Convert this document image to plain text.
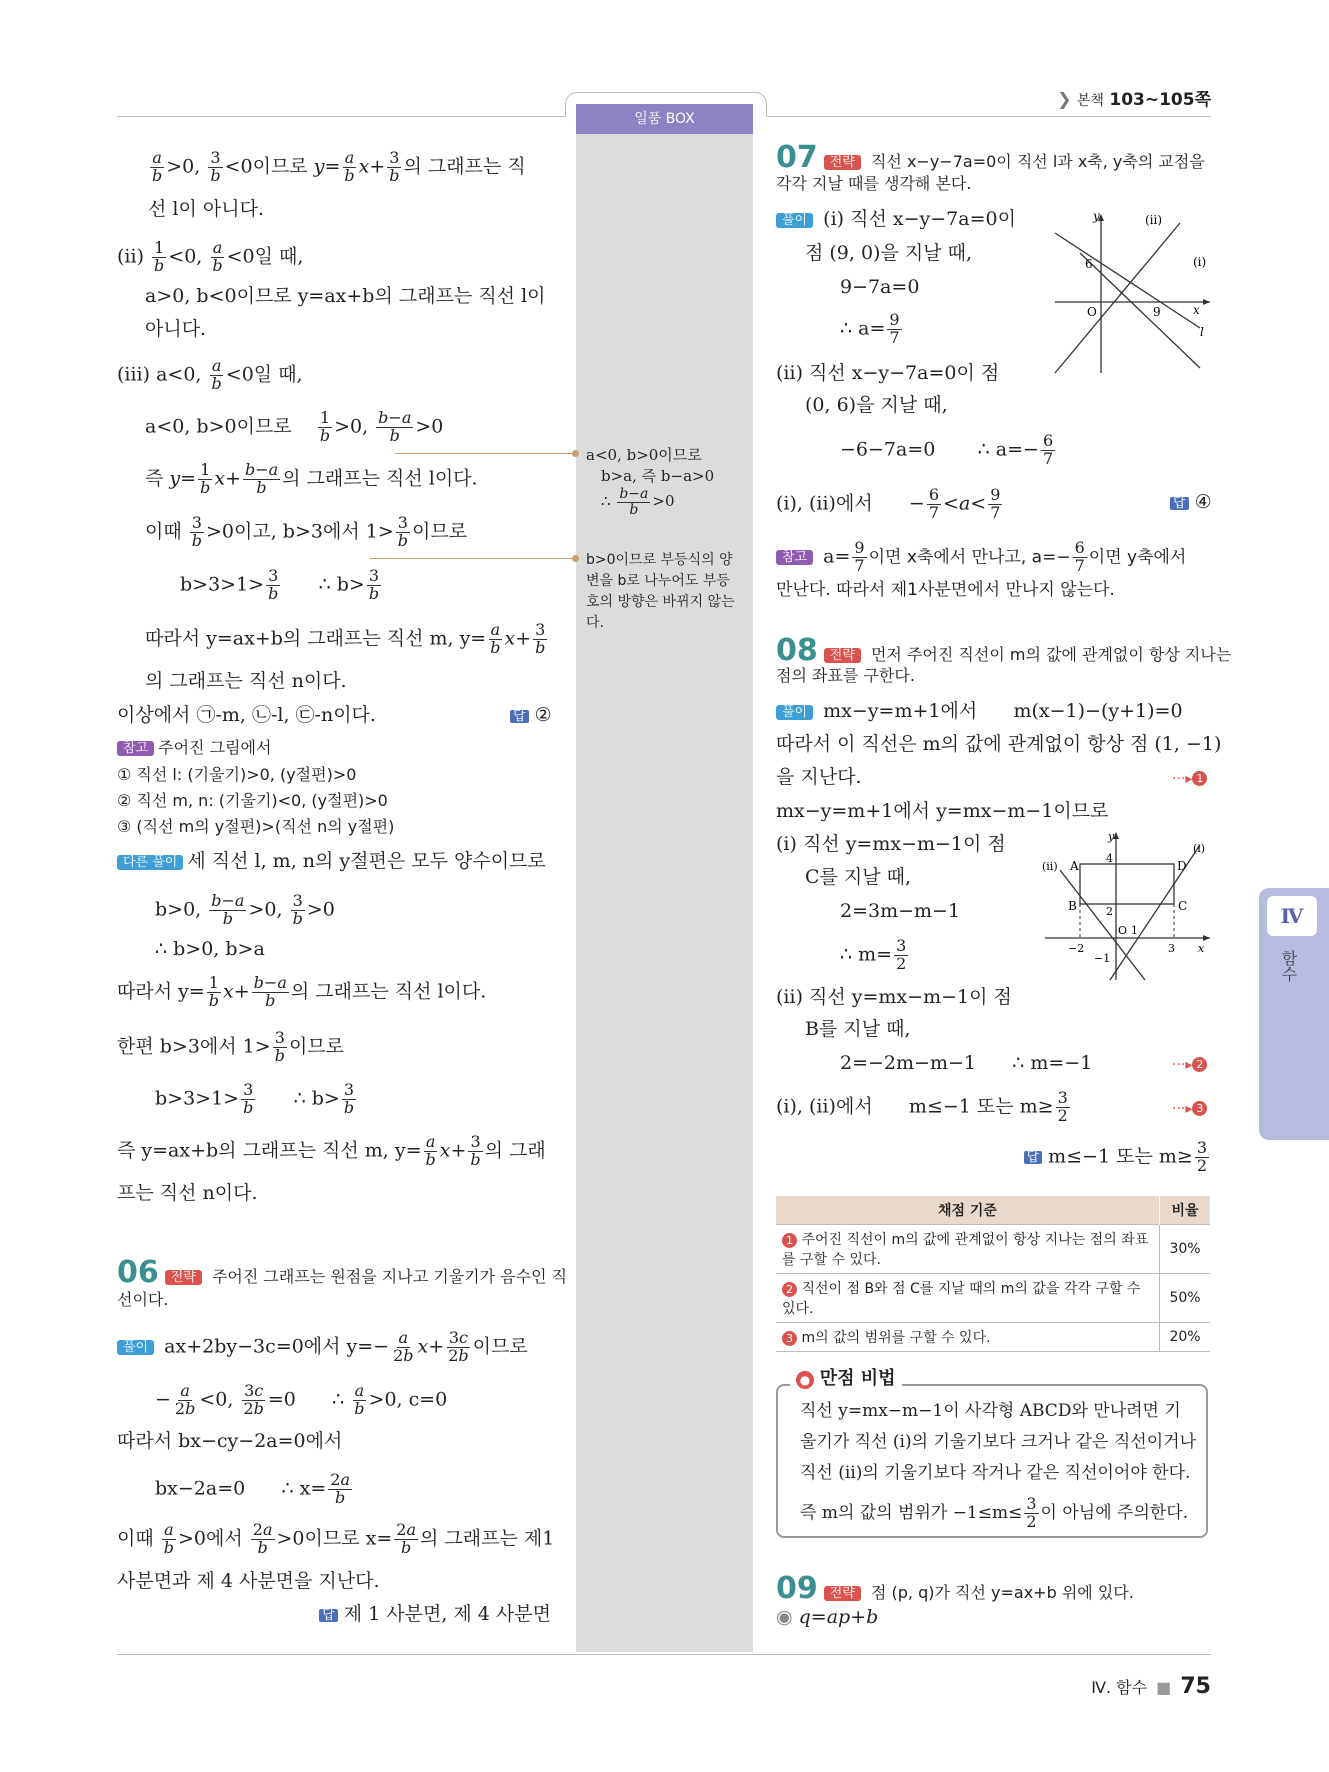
일품 BOX
❯ 본책 103~105쪽
$\frac{a}{b} >0$, $\frac{3}{b} <0$이므로 $y= \frac{a}{b} x+ \frac{3}{b}$ 의 그래프는 직
선 l이 아니다.
(ⅱ) $\frac{1}{b} <0$, $\frac{a}{b} <0$일 때,
a>0, b<0이므로 y=ax+b의 그래프는 직선 l이
아니다.
(ⅲ) a<0, $\frac{a}{b} <0$일 때,
a<0, b>0이므로 $\frac{1}{b} >0$, $\frac{b-a}{b} >0$
즉 $y= \frac{1}{b} x+ \frac{b-a}{b}$ 의 그래프는 직선 l이다.
이때 $\frac{3}{b} >0$이고, b>3에서 $1> \frac{3}{b}$ 이므로
$b>3>1> \frac{3}{b}$ ∴ $b> \frac{3}{b}$
따라서 y=ax+b의 그래프는 직선 m, $y= \frac{a}{b} x+ \frac{3}{b}$
의 그래프는 직선 n이다.
이상에서 ㉠-m, ㉡-l, ㉢-n이다.	답 ②
참고 주어진 그림에서
① 직선 l: (기울기)>0, (y절편)>0
② 직선 m, n: (기울기)<0, (y절편)>0
③ (직선 m의 y절편)>(직선 n의 y절편)
다른 풀이 세 직선 l, m, n의 y절편은 모두 양수이므로
b>0, $\frac{b-a}{b} >0$, $\frac{3}{b} >0$
∴ b>0, b>a
따라서 $y= \frac{1}{b} x+ \frac{b-a}{b}$ 의 그래프는 직선 l이다.
한편 b>3에서 $1> \frac{3}{b}$ 이므로
$b>3>1> \frac{3}{b}$ ∴ $b> \frac{3}{b}$
즉 y=ax+b의 그래프는 직선 m, $y= \frac{a}{b} x+ \frac{3}{b}$ 의 그래
프는 직선 n이다.
06 전략 주어진 그래프는 원점을 지나고 기울기가 음수인 직
선이다.
풀이 ax+2by−3c=0에서 $y=- \frac{a}{2b} x+ \frac{3c}{2b}$ 이므로
− $\frac{a}{2b} <0$, $\frac{3c}{2b} =0$      ∴ $\frac{a}{b} >0$, c=0
따라서 bx−cy−2a=0에서
bx−2a=0 ∴ $x= \frac{2a}{b}$
이때 $\frac{a}{b} >0$에서 $\frac{2a}{b} >0$이므로 $x= \frac{2a}{b}$ 의 그래프는 제1
사분면과 제 4 사분면을 지난다.
답 제 1 사분면, 제 4 사분면
a<0, b>0이므로
b>a, 즉 b−a>0
∴ $\frac{b-a}{b} >0$
b>0이므로 부등식의 양 변을 b로 나누어도 부등 호의 방향은 바뀌지 않는다.
07 전략 직선 x−y−7a=0이 직선 l과 x축, y축의 교점을
각각 지날 때를 생각해 본다.
풀이 (ⅰ) 직선 x−y−7a=0이
점 (9, 0)을 지날 때,
9−7a=0
∴ $a= \frac{9}{7}$
(ⅱ) 직선 x−y−7a=0이 점
(0, 6)을 지날 때,
−6−7a=0 ∴ $a=- \frac{6}{7}$
(ⅰ), (ⅱ)에서      − $\frac{6}{7} <a< \frac{9}{7}$	답 ④
6
O	9
y
x
l
(ⅱ)
(ⅰ)
참고 $a= \frac{9}{7}$ 이면 x축에서 만나고, $a=- \frac{6}{7}$ 이면 y축에서
만난다. 따라서 제1사분면에서 만나지 않는다.
08 전략 먼저 주어진 직선이 m의 값에 관계없이 항상 지나는
점의 좌표를 구한다.
풀이 mx−y=m+1에서 m(x−1)−(y+1)=0
따라서 이 직선은 m의 값에 관계없이 항상 점 (1, −1)
을 지난다.	···▸ 1
mx−y=m+1에서 y=mx−m−1이므로
(ⅰ) 직선 y=mx−m−1이 점
C를 지날 때,
2=3m−m−1
∴ $m= \frac{3}{2}$
(ⅱ) 직선 y=mx−m−1이 점
B를 지날 때,
2=−2m−m−1 ∴ m=−1	···▸ 2
(ⅰ), (ⅱ)에서 m≤−1 또는 $m\ge \frac{3}{2}$	···▸ 3
답 m≤−1 또는 $m\ge \frac{3}{2}$
A	D
B	C
4
2
O 1
−2	3
−1
y
x
(ⅱ)
(ⅰ)
채점 기준	비율
1 주어진 직선이 m의 값에 관계없이 항상 지나는 점의 좌표를 구할 수 있다.	30%
2 직선이 점 B와 점 C를 지날 때의 m의 값을 각각 구할 수 있다.	50%
3 m의 값의 범위를 구할 수 있다.	20%
● 만점 비법
직선 y=mx−m−1이 사각형 ABCD와 만나려면 기
울기가 직선 (ⅰ)의 기울기보다 크거나 같은 직선이거나
직선 (ⅱ)의 기울기보다 작거나 같은 직선이어야 한다.
즉 m의 값의 범위가 $-1\le m\le \frac{3}{2}$ 이 아님에 주의한다.
09 전략 점 (p, q)가 직선 y=ax+b 위에 있다.
◉ q=ap+b
Ⅳ
함수
Ⅳ. 함수 ■ 75
